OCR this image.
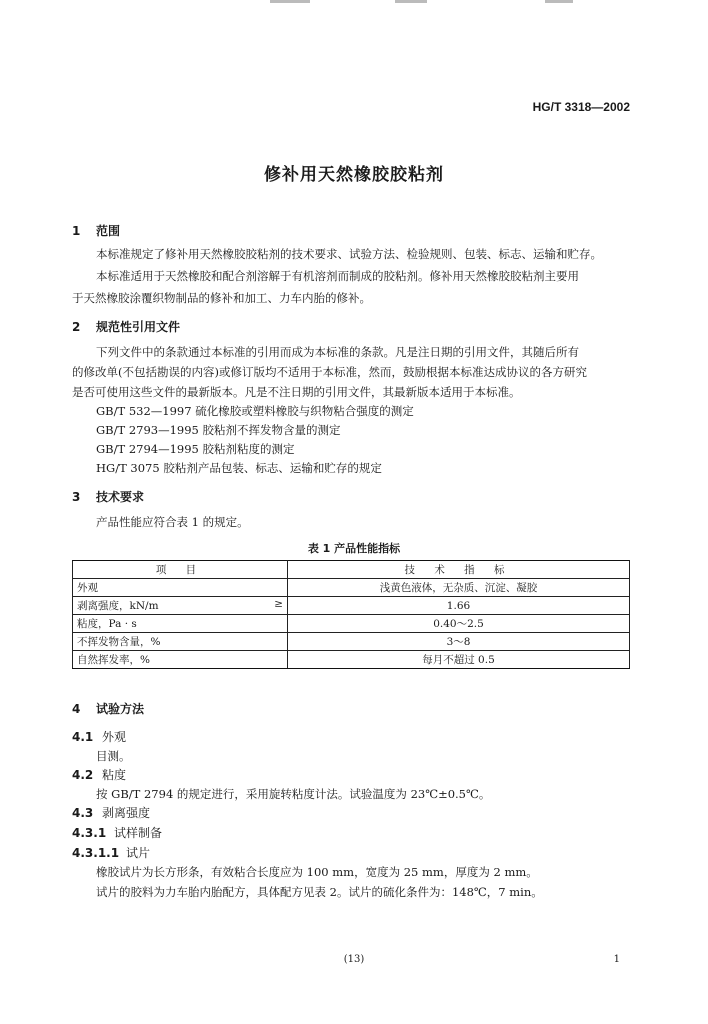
HG/T 3318—2002
修补用天然橡胶胶粘剂
1 范围
本标准规定了修补用天然橡胶胶粘剂的技术要求、试验方法、检验规则、包装、标志、运输和贮存。
本标准适用于天然橡胶和配合剂溶解于有机溶剂而制成的胶粘剂。修补用天然橡胶胶粘剂主要用
于天然橡胶涂覆织物制品的修补和加工、力车内胎的修补。
2 规范性引用文件
下列文件中的条款通过本标准的引用而成为本标准的条款。凡是注日期的引用文件，其随后所有
的修改单(不包括勘误的内容)或修订版均不适用于本标准，然而，鼓励根据本标准达成协议的各方研究
是否可使用这些文件的最新版本。凡是不注日期的引用文件，其最新版本适用于本标准。
GB/T 532—1997 硫化橡胶或塑料橡胶与织物粘合强度的测定
GB/T 2793—1995 胶粘剂不挥发物含量的测定
GB/T 2794—1995 胶粘剂粘度的测定
HG/T 3075 胶粘剂产品包装、标志、运输和贮存的规定
3 技术要求
产品性能应符合表 1 的规定。
表 1 产品性能指标
项 目	技 术 指 标
外观	浅黄色液体，无杂质、沉淀、凝胶
剥离强度，kN/m ≥	1.66
粘度，Pa · s	0.40～2.5
不挥发物含量，%	3～8
自然挥发率，%	每月不超过 0.5
4 试验方法
4.1 外观
目测。
4.2 粘度
按 GB/T 2794 的规定进行，采用旋转粘度计法。试验温度为 23℃±0.5℃。
4.3 剥离强度
4.3.1 试样制备
4.3.1.1 试片
橡胶试片为长方形条，有效粘合长度应为 100 mm，宽度为 25 mm，厚度为 2 mm。
试片的胶料为力车胎内胎配方，具体配方见表 2。试片的硫化条件为：148℃，7 min。
(13)	1
